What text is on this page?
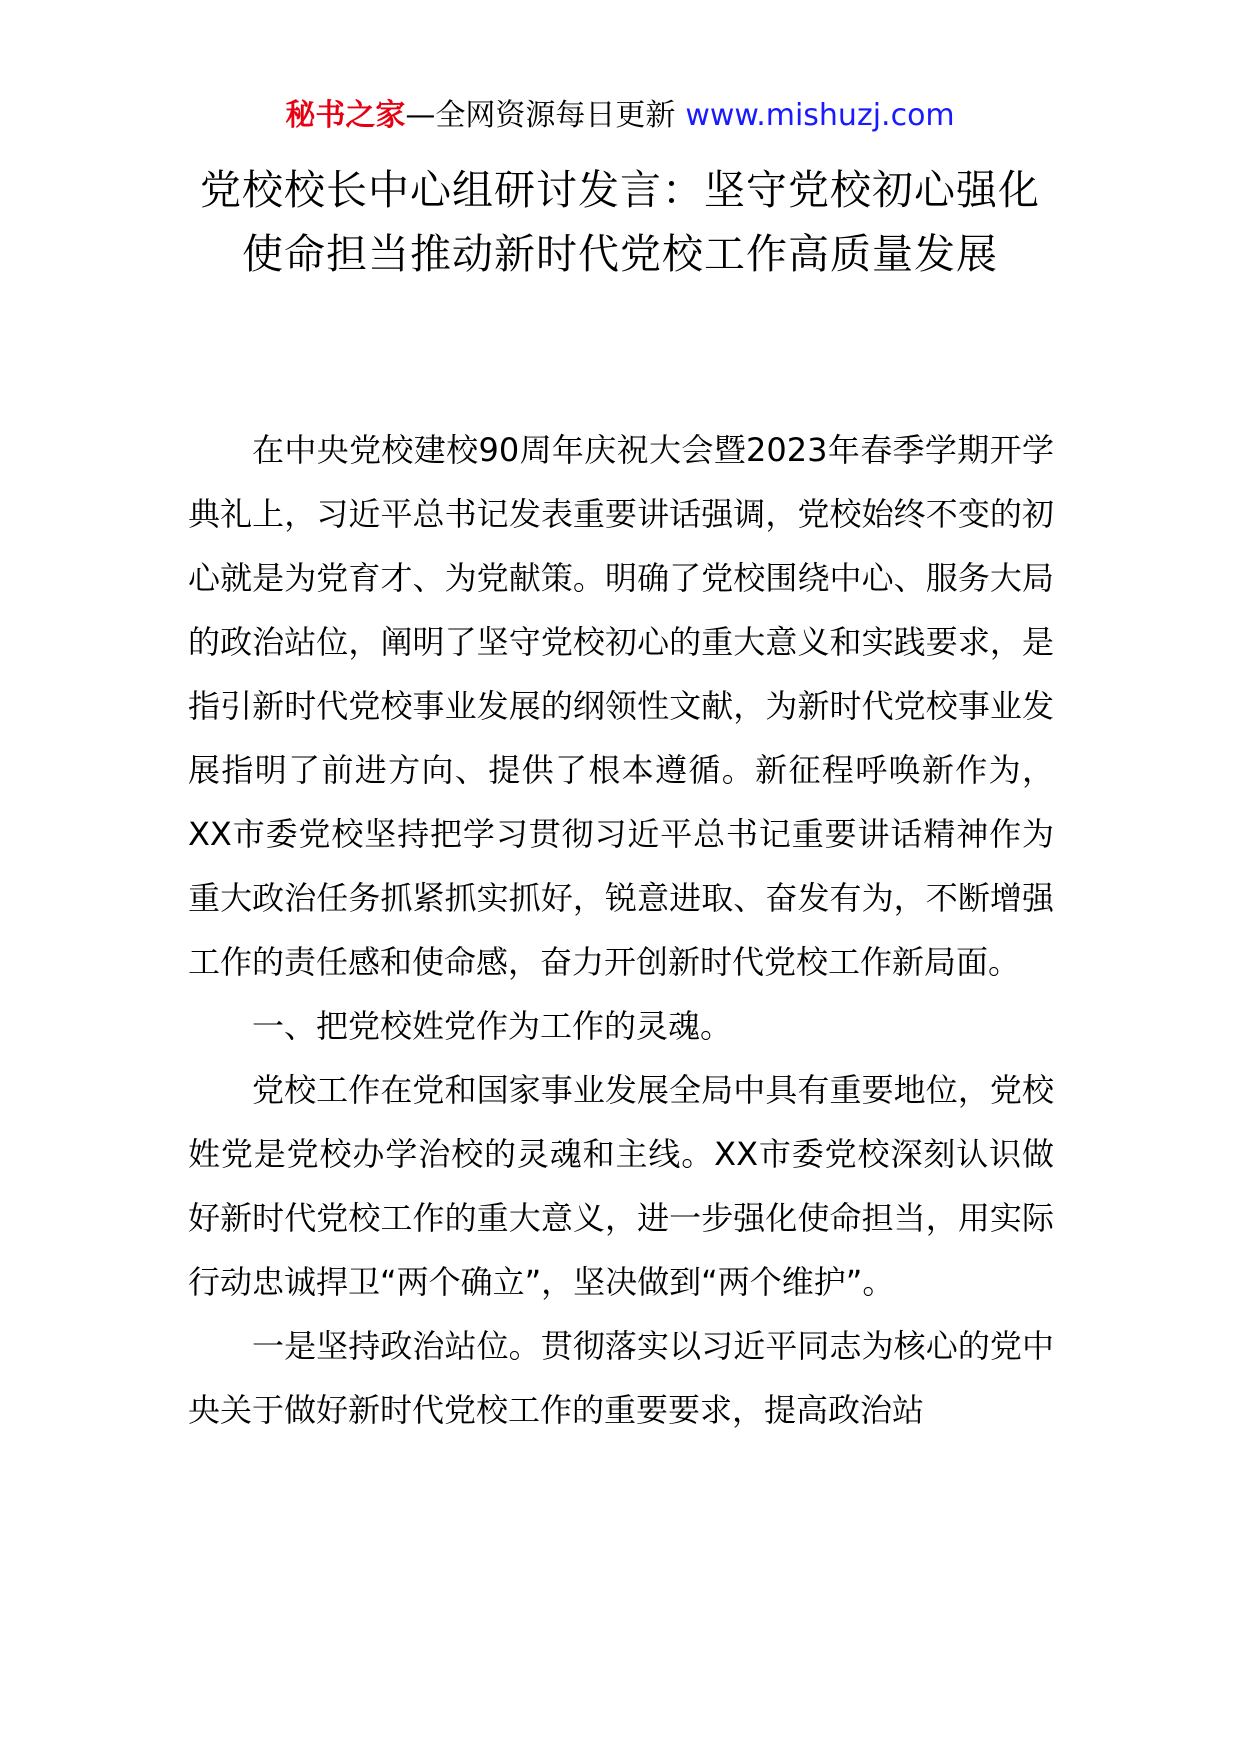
秘书之家—全网资源每日更新 www.mishuzj.com
党校校长中心组研讨发言：坚守党校初心强化使命担当推动新时代党校工作高质量发展

在中央党校建校90周年庆祝大会暨2023年春季学期开学典礼上，习近平总书记发表重要讲话强调，党校始终不变的初心就是为党育才、为党献策。明确了党校围绕中心、服务大局的政治站位，阐明了坚守党校初心的重大意义和实践要求，是指引新时代党校事业发展的纲领性文献，为新时代党校事业发展指明了前进方向、提供了根本遵循。新征程呼唤新作为，XX市委党校坚持把学习贯彻习近平总书记重要讲话精神作为重大政治任务抓紧抓实抓好，锐意进取、奋发有为，不断增强工作的责任感和使命感，奋力开创新时代党校工作新局面。

一、把党校姓党作为工作的灵魂。

党校工作在党和国家事业发展全局中具有重要地位，党校姓党是党校办学治校的灵魂和主线。XX市委党校深刻认识做好新时代党校工作的重大意义，进一步强化使命担当，用实际行动忠诚捍卫“两个确立”，坚决做到“两个维护”。

一是坚持政治站位。贯彻落实以习近平同志为核心的党中央关于做好新时代党校工作的重要要求，提高政治站
